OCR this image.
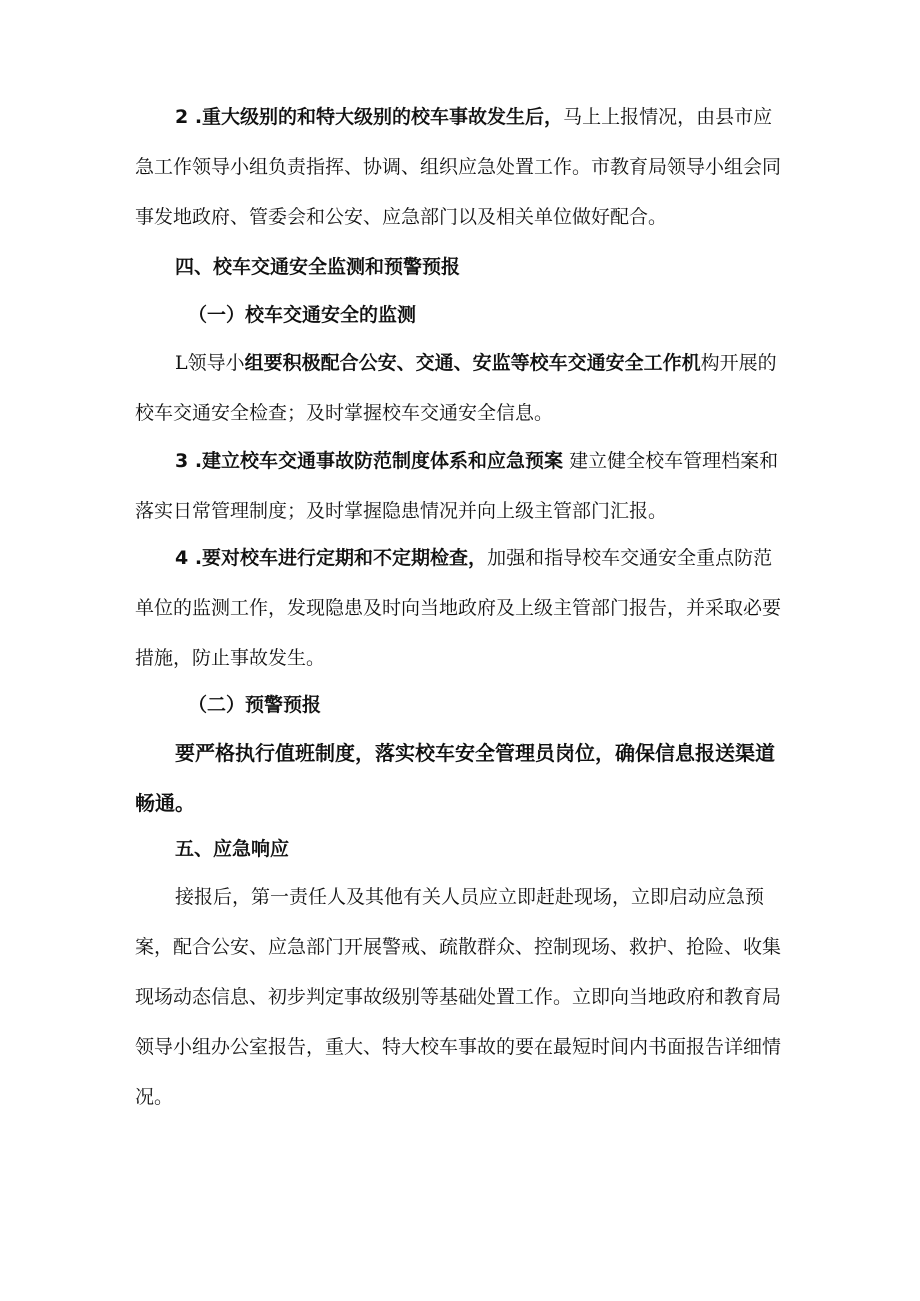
2 .重大级别的和特大级别的校车事故发生后，马上上报情况，由县市应急工作领导小组负责指挥、协调、组织应急处置工作。市教育局领导小组会同事发地政府、管委会和公安、应急部门以及相关单位做好配合。

四、校车交通安全监测和预警预报

（一）校车交通安全的监测

L领导小组要积极配合公安、交通、安监等校车交通安全工作机构开展的校车交通安全检查；及时掌握校车交通安全信息。

3 .建立校车交通事故防范制度体系和应急预案 建立健全校车管理档案和落实日常管理制度；及时掌握隐患情况并向上级主管部门汇报。

4 .要对校车进行定期和不定期检查，加强和指导校车交通安全重点防范单位的监测工作，发现隐患及时向当地政府及上级主管部门报告，并采取必要措施，防止事故发生。

（二）预警预报

要严格执行值班制度，落实校车安全管理员岗位，确保信息报送渠道畅通。

五、应急响应

接报后，第一责任人及其他有关人员应立即赶赴现场，立即启动应急预案，配合公安、应急部门开展警戒、疏散群众、控制现场、救护、抢险、收集现场动态信息、初步判定事故级别等基础处置工作。立即向当地政府和教育局领导小组办公室报告，重大、特大校车事故的要在最短时间内书面报告详细情况。
